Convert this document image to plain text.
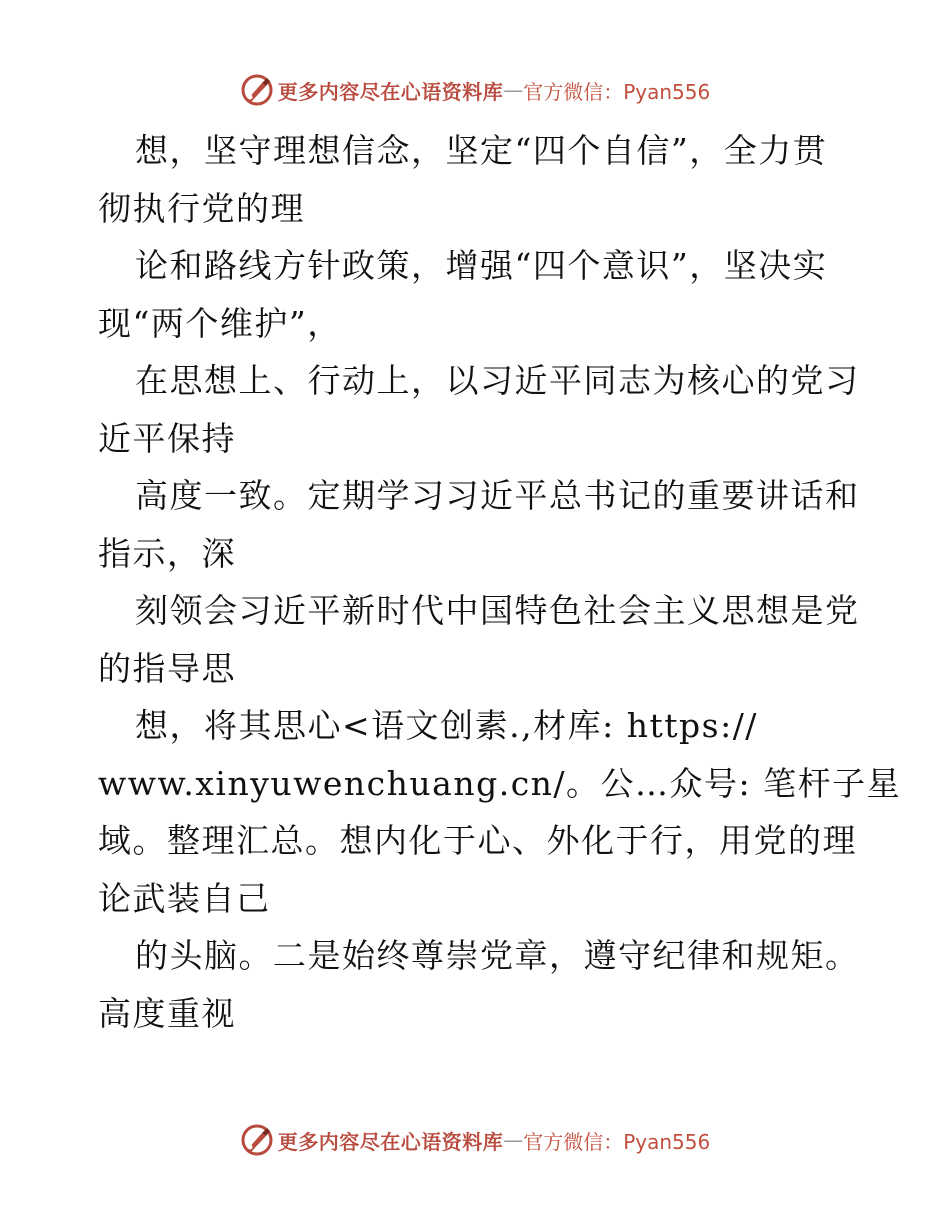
更多内容尽在心语资料库 — 官方微信：Pyan556
想，坚守理想信念，坚定“四个自信”，全力贯
彻执行党的理
论和路线方针政策，增强“四个意识”，坚决实
现“两个维护”，
在思想上、行动上，以习近平同志为核心的党习
近平保持
高度一致。定期学习习近平总书记的重要讲话和
指示，深
刻领会习近平新时代中国特色社会主义思想是党
的指导思
想，将其思心<语文创素.,材库: https://
www.xinyuwenchuang.cn/。公…众号: 笔杆子星
域。整理汇总。想内化于心、外化于行，用党的理
论武装自己
的头脑。二是始终尊崇党章，遵守纪律和规矩。
高度重视
更多内容尽在心语资料库 — 官方微信：Pyan556
